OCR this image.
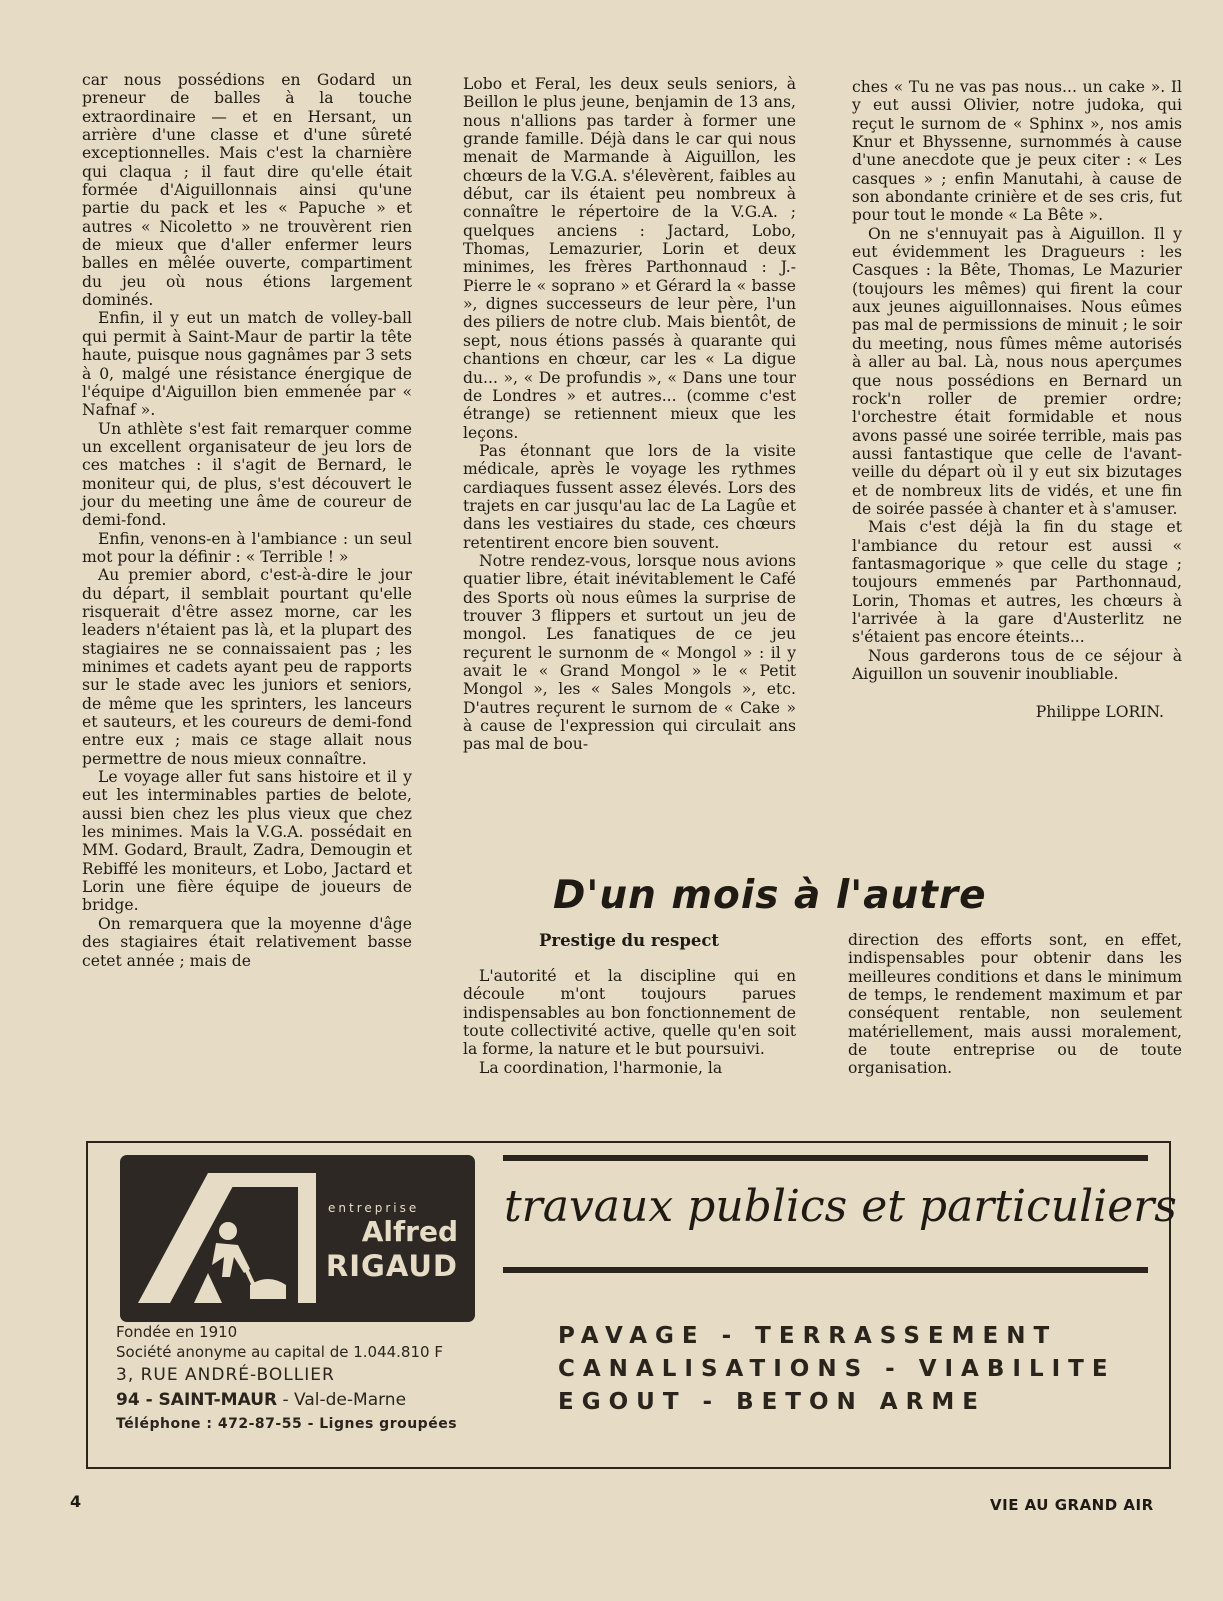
car nous possédions en Godard un preneur de balles à la touche extraordinaire — et en Hersant, un arrière d'une classe et d'une sûreté exceptionnelles. Mais c'est la charnière qui claqua ; il faut dire qu'elle était formée d'Aiguillonnais ainsi qu'une partie du pack et les « Papuche » et autres « Nicoletto » ne trouvèrent rien de mieux que d'aller enfermer leurs balles en mêlée ouverte, compartiment du jeu où nous étions largement dominés.

Enfin, il y eut un match de volley-ball qui permit à Saint-Maur de partir la tête haute, puisque nous gagnâmes par 3 sets à 0, malgé une résistance énergique de l'équipe d'Aiguillon bien emmenée par « Nafnaf ».

Un athlète s'est fait remarquer comme un excellent organisateur de jeu lors de ces matches : il s'agit de Bernard, le moniteur qui, de plus, s'est découvert le jour du meeting une âme de coureur de demi-fond.

Enfin, venons-en à l'ambiance : un seul mot pour la définir : « Terrible ! »

Au premier abord, c'est-à-dire le jour du départ, il semblait pourtant qu'elle risquerait d'être assez morne, car les leaders n'étaient pas là, et la plupart des stagiaires ne se connaissaient pas ; les minimes et cadets ayant peu de rapports sur le stade avec les juniors et seniors, de même que les sprinters, les lanceurs et sauteurs, et les coureurs de demi-fond entre eux ; mais ce stage allait nous permettre de nous mieux connaître.

Le voyage aller fut sans histoire et il y eut les interminables parties de belote, aussi bien chez les plus vieux que chez les minimes. Mais la V.G.A. possédait en MM. Godard, Brault, Zadra, Demougin et Rebiffé les moniteurs, et Lobo, Jactard et Lorin une fière équipe de joueurs de bridge.

On remarquera que la moyenne d'âge des stagiaires était relativement basse cetet année ; mais de

Lobo et Feral, les deux seuls seniors, à Beillon le plus jeune, benjamin de 13 ans, nous n'allions pas tarder à former une grande famille. Déjà dans le car qui nous menait de Marmande à Aiguillon, les chœurs de la V.G.A. s'élevèrent, faibles au début, car ils étaient peu nombreux à connaître le répertoire de la V.G.A. ; quelques anciens : Jactard, Lobo, Thomas, Lemazurier, Lorin et deux minimes, les frères Parthonnaud : J.-Pierre le « soprano » et Gérard la « basse », dignes successeurs de leur père, l'un des piliers de notre club. Mais bientôt, de sept, nous étions passés à quarante qui chantions en chœur, car les « La digue du... », « De profundis », « Dans une tour de Londres » et autres... (comme c'est étrange) se retiennent mieux que les leçons.

Pas étonnant que lors de la visite médicale, après le voyage les rythmes cardiaques fussent assez élevés. Lors des trajets en car jusqu'au lac de La Lagûe et dans les vestiaires du stade, ces chœurs retentirent encore bien souvent.

Notre rendez-vous, lorsque nous avions quatier libre, était inévitablement le Café des Sports où nous eûmes la surprise de trouver 3 flippers et surtout un jeu de mongol. Les fanatiques de ce jeu reçurent le surnonm de « Mongol » : il y avait le « Grand Mongol » le « Petit Mongol », les « Sales Mongols », etc. D'autres reçurent le surnom de « Cake » à cause de l'expression qui circulait ans pas mal de bou-

ches « Tu ne vas pas nous... un cake ». Il y eut aussi Olivier, notre judoka, qui reçut le surnom de « Sphinx », nos amis Knur et Bhyssenne, surnommés à cause d'une anecdote que je peux citer : « Les casques » ; enfin Manutahi, à cause de son abondante crinière et de ses cris, fut pour tout le monde « La Bête ».

On ne s'ennuyait pas à Aiguillon. Il y eut évidemment les Dragueurs : les Casques : la Bête, Thomas, Le Mazurier (toujours les mêmes) qui firent la cour aux jeunes aiguillonnaises. Nous eûmes pas mal de permissions de minuit ; le soir du meeting, nous fûmes même autorisés à aller au bal. Là, nous nous aperçumes que nous possédions en Bernard un rock'n roller de premier ordre; l'orchestre était formidable et nous avons passé une soirée terrible, mais pas aussi fantastique que celle de l'avant-veille du départ où il y eut six bizutages et de nombreux lits de vidés, et une fin de soirée passée à chanter et à s'amuser.

Mais c'est déjà la fin du stage et l'ambiance du retour est aussi « fantasmagorique » que celle du stage ; toujours emmenés par Parthonnaud, Lorin, Thomas et autres, les chœurs à l'arrivée à la gare d'Austerlitz ne s'étaient pas encore éteints...

Nous garderons tous de ce séjour à Aiguillon un souvenir inoubliable.

Philippe LORIN.

D'un mois à l'autre
Prestige du respect

L'autorité et la discipline qui en découle m'ont toujours parues indispensables au bon fonctionnement de toute collectivité active, quelle qu'en soit la forme, la nature et le but poursuivi.

La coordination, l'harmonie, la

direction des efforts sont, en effet, indispensables pour obtenir dans les meilleures conditions et dans le minimum de temps, le rendement maximum et par conséquent rentable, non seulement matériellement, mais aussi moralement, de toute entreprise ou de toute organisation.

entreprise
Alfred
RIGAUD
travaux publics et particuliers
Fondée en 1910
Société anonyme au capital de 1.044.810 F
3, RUE ANDRÉ-BOLLIER
94 - SAINT-MAUR - Val-de-Marne
Téléphone : 472-87-55 - Lignes groupées
PAVAGE - TERRASSEMENT
CANALISATIONS - VIABILITE
EGOUT - BETON ARME
4	VIE AU GRAND AIR
